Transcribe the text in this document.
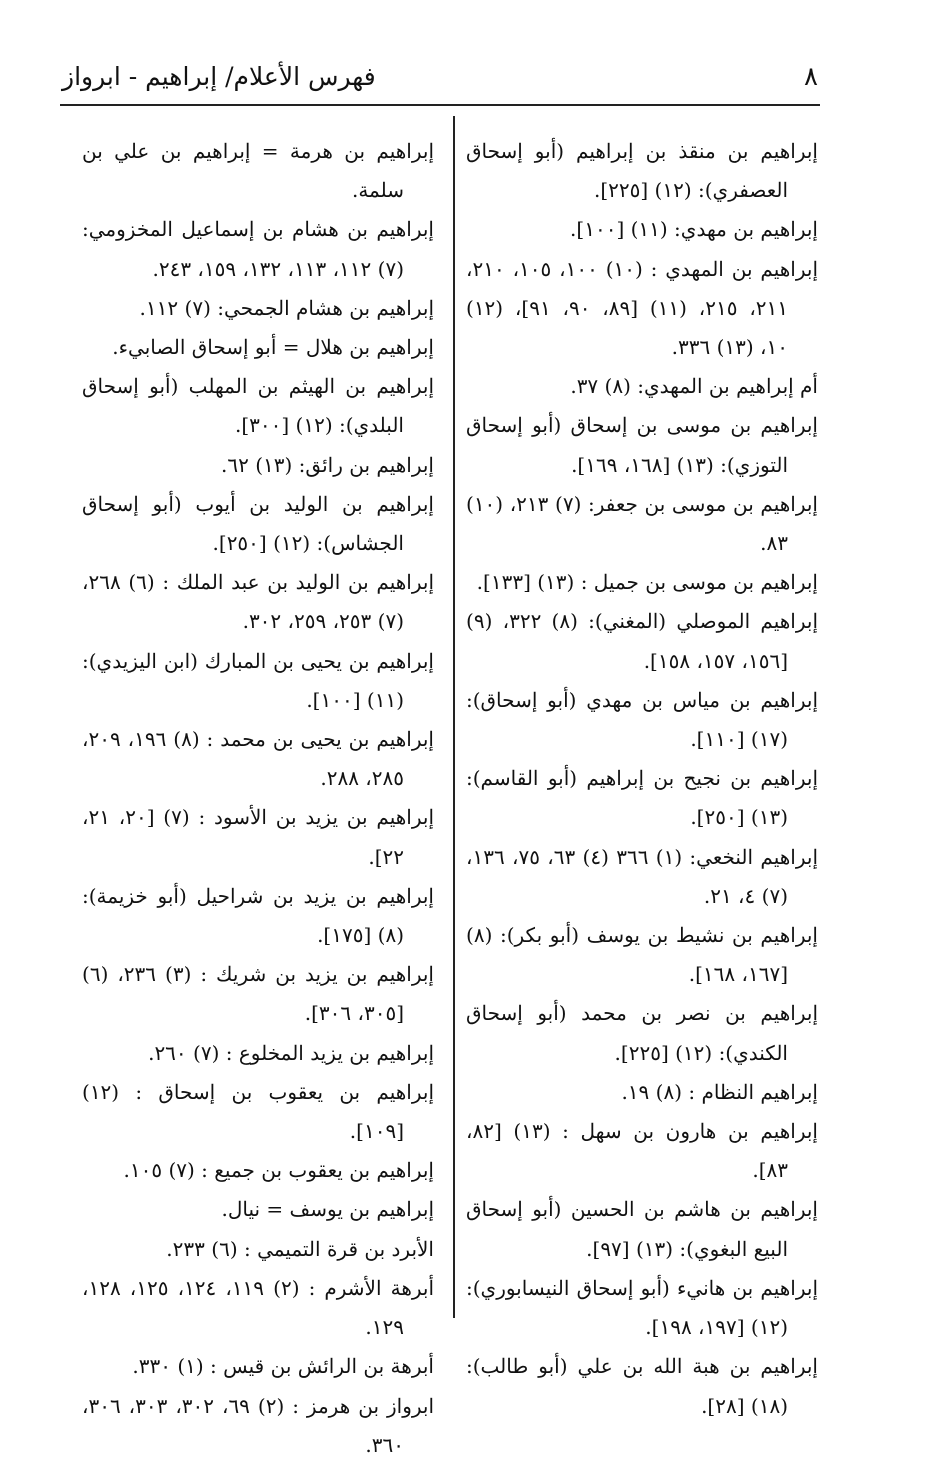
٨
فهرس الأعلام/ إبراهيم - ابرواز
إبراهيم بن منقذ بن إبراهيم (أبو إسحاق العصفري): (١٢) [٢٢٥].
إبراهيم بن مهدي: (١١) [١٠٠].
إبراهيم بن المهدي : (١٠) ١٠٠، ١٠٥، ٢١٠، ٢١١، ٢١٥، (١١) [٨٩، ٩٠، ٩١]، (١٢) ١٠، (١٣) ٣٣٦.
أم إبراهيم بن المهدي: (٨) ٣٧.
إبراهيم بن موسى بن إسحاق (أبو إسحاق التوزي): (١٣) [١٦٨، ١٦٩].
إبراهيم بن موسى بن جعفر: (٧) ٢١٣، (١٠) ٨٣.
إبراهيم بن موسى بن جميل : (١٣) [١٣٣].
إبراهيم الموصلي (المغني): (٨) ٣٢٢، (٩) [١٥٦، ١٥٧، ١٥٨].
إبراهيم بن مياس بن مهدي (أبو إسحاق): (١٧) [١١٠].
إبراهيم بن نجيح بن إبراهيم (أبو القاسم): (١٣) [٢٥٠].
إبراهيم النخعي: (١) ٣٦٦ (٤) ٦٣، ٧٥، ١٣٦، (٧) ٤، ٢١.
إبراهيم بن نشيط بن يوسف (أبو بكر): (٨) [١٦٧، ١٦٨].
إبراهيم بن نصر بن محمد (أبو إسحاق الكندي): (١٢) [٢٢٥].
إبراهيم النظام : (٨) ١٩.
إبراهيم بن هارون بن سهل : (١٣) [٨٢، ٨٣].
إبراهيم بن هاشم بن الحسين (أبو إسحاق البيع البغوي): (١٣) [٩٧].
إبراهيم بن هانيء (أبو إسحاق النيسابوري): (١٢) [١٩٧، ١٩٨].
إبراهيم بن هبة الله بن علي (أبو طالب): (١٨) [٢٨].
إبراهيم بن هرمة = إبراهيم بن علي بن سلمة.
إبراهيم بن هشام بن إسماعيل المخزومي: (٧) ١١٢، ١١٣، ١٣٢، ١٥٩، ٢٤٣.
إبراهيم بن هشام الجمحي: (٧) ١١٢.
إبراهيم بن هلال = أبو إسحاق الصابيء.
إبراهيم بن الهيثم بن المهلب (أبو إسحاق البلدي): (١٢) [٣٠٠].
إبراهيم بن رائق: (١٣) ٦٢.
إبراهيم بن الوليد بن أيوب (أبو إسحاق الجشاس): (١٢) [٢٥٠].
إبراهيم بن الوليد بن عبد الملك : (٦) ٢٦٨، (٧) ٢٥٣، ٢٥٩، ٣٠٢.
إبراهيم بن يحيى بن المبارك (ابن اليزيدي): (١١) [١٠٠].
إبراهيم بن يحيى بن محمد : (٨) ١٩٦، ٢٠٩، ٢٨٥، ٢٨٨.
إبراهيم بن يزيد بن الأسود : (٧) [٢٠، ٢١، ٢٢].
إبراهيم بن يزيد بن شراحيل (أبو خزيمة): (٨) [١٧٥].
إبراهيم بن يزيد بن شريك : (٣) ٢٣٦، (٦) [٣٠٥، ٣٠٦].
إبراهيم بن يزيد المخلوع : (٧) ٢٦٠.
إبراهيم بن يعقوب بن إسحاق : (١٢) [١٠٩].
إبراهيم بن يعقوب بن جميع : (٧) ١٠٥.
إبراهيم بن يوسف = نيال.
الأبرد بن قرة التميمي : (٦) ٢٣٣.
أبرهة الأشرم : (٢) ١١٩، ١٢٤، ١٢٥، ١٢٨، ١٢٩.
أبرهة بن الرائش بن قيس : (١) ٣٣٠.
ابرواز بن هرمز : (٢) ٦٩، ٣٠٢، ٣٠٣، ٣٠٦، ٣٦٠.
